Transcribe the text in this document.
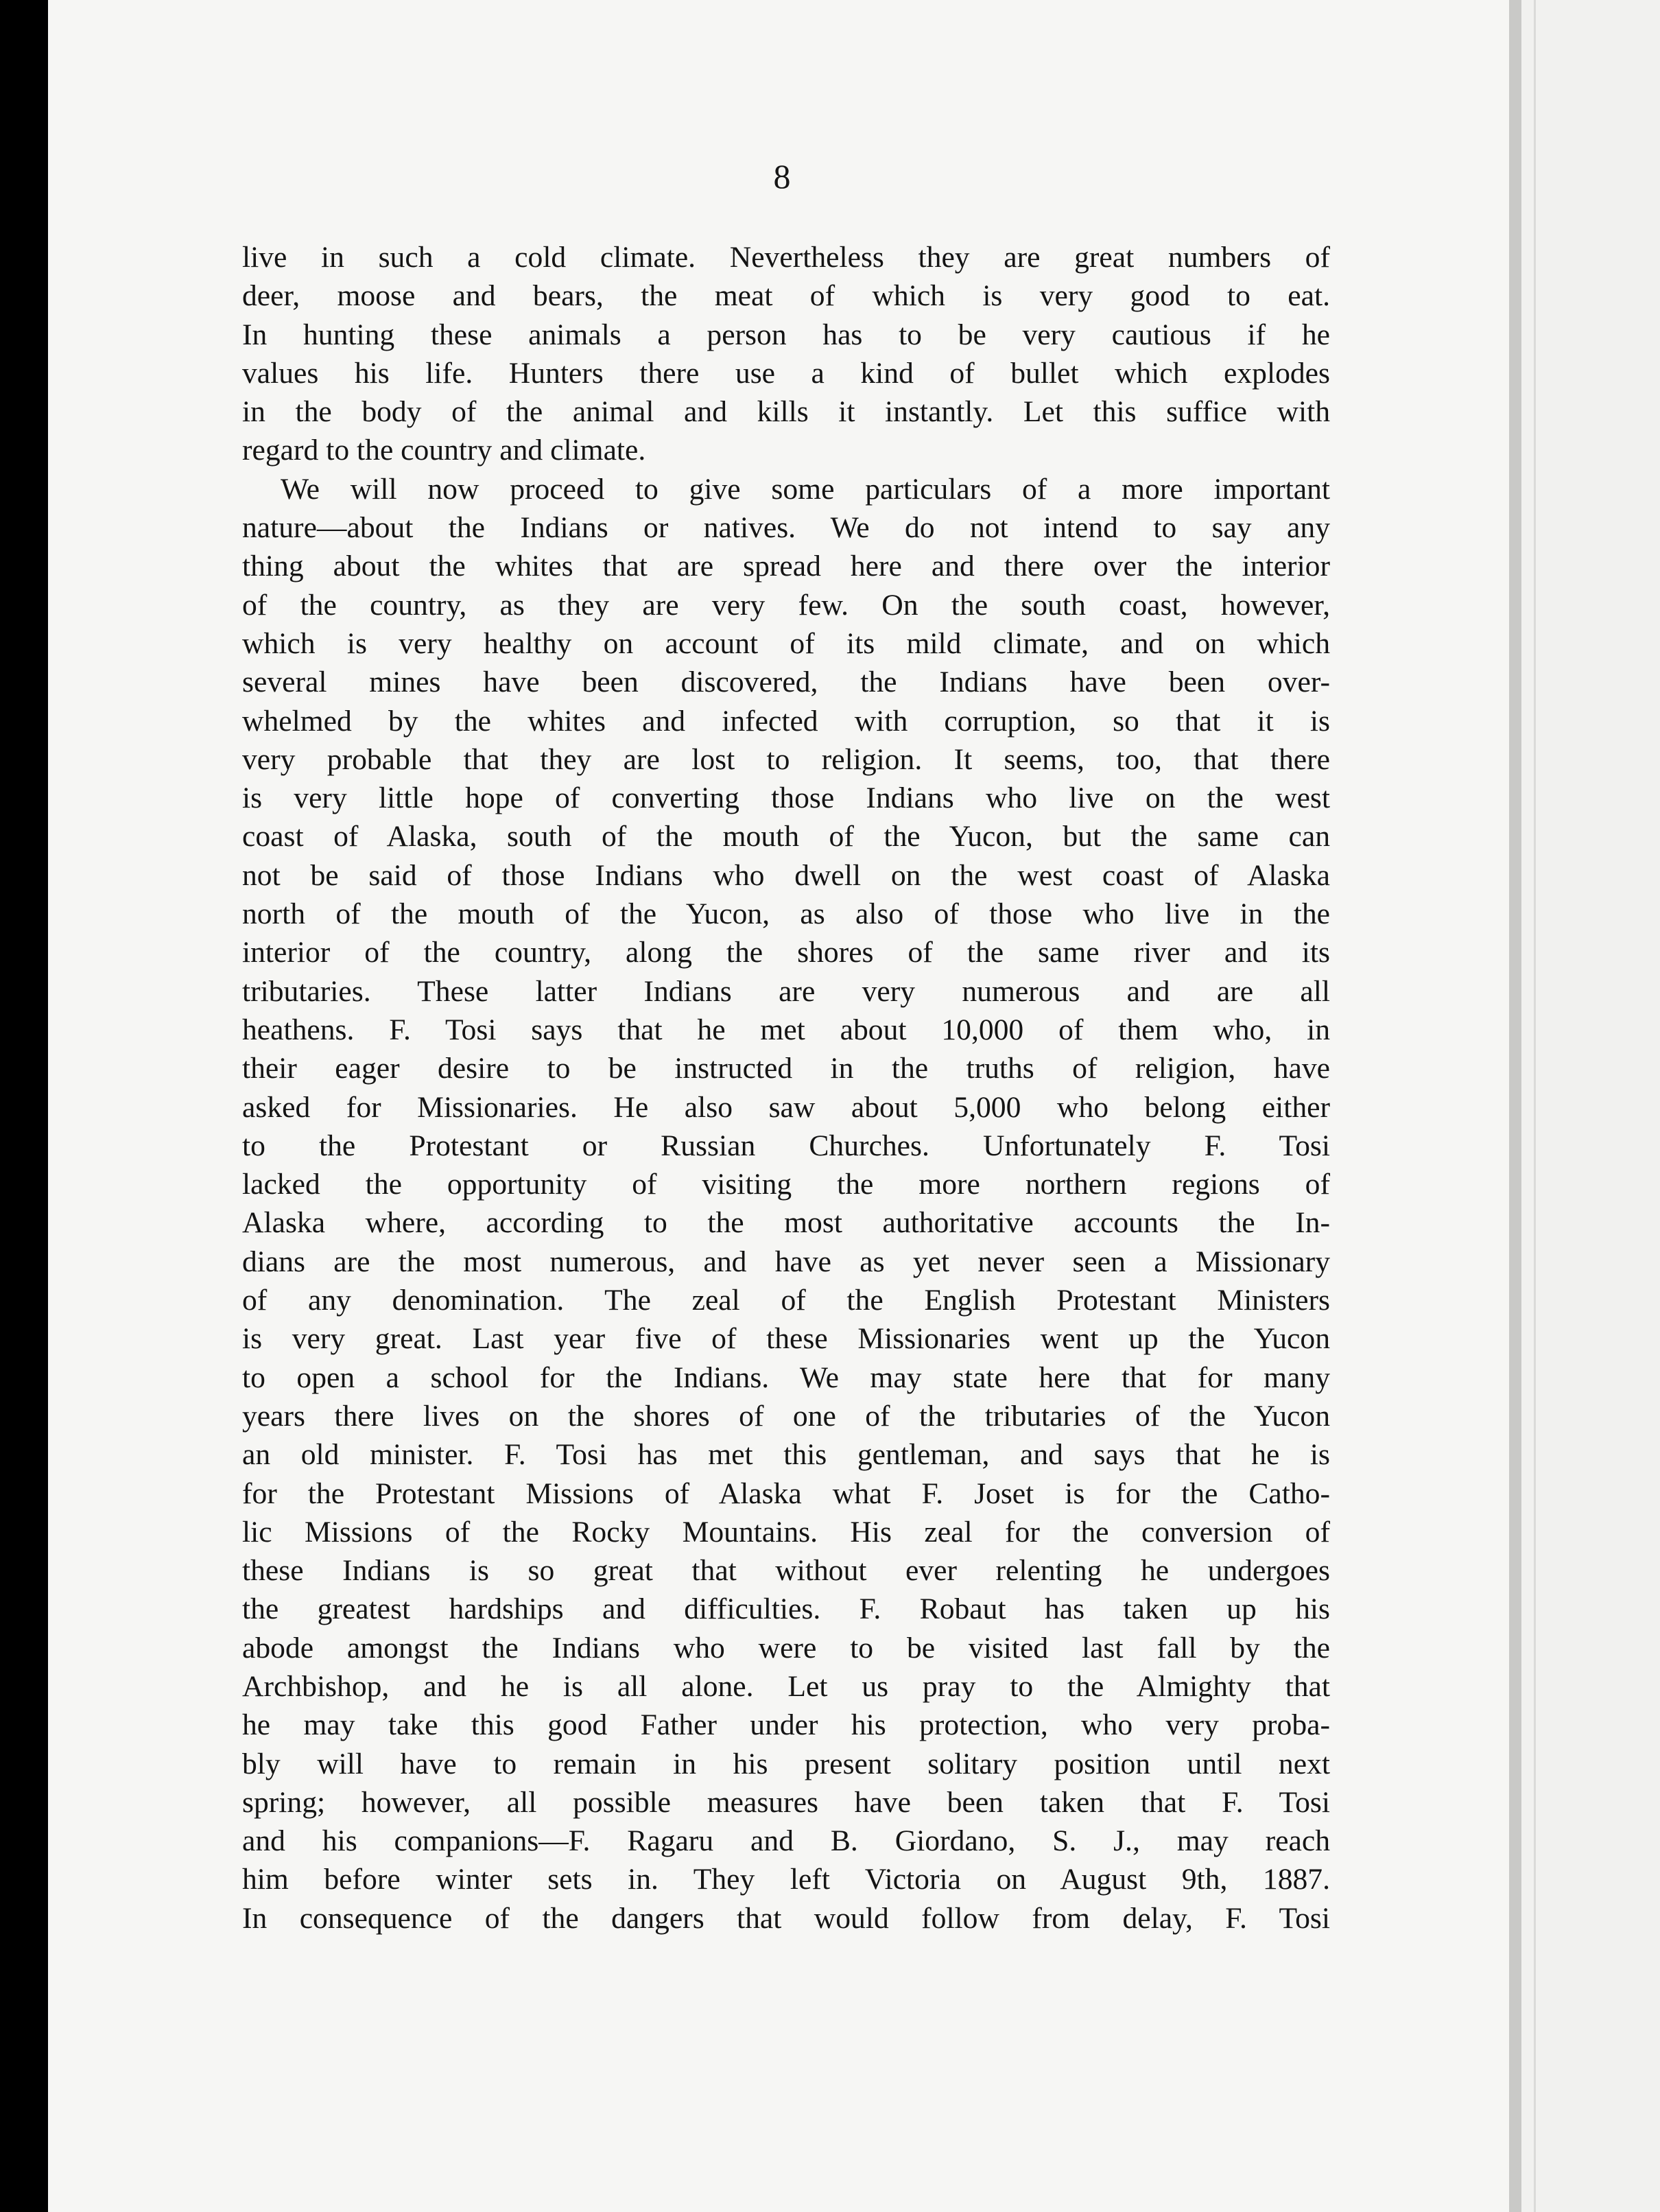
8
live in such a cold climate. Nevertheless they are great numbers of
deer, moose and bears, the meat of which is very good to eat.
In hunting these animals a person has to be very cautious if he
values his life. Hunters there use a kind of bullet which explodes
in the body of the animal and kills it instantly. Let this suffice with
regard to the country and climate.
We will now proceed to give some particulars of a more important
nature—about the Indians or natives. We do not intend to say any
thing about the whites that are spread here and there over the interior
of the country, as they are very few. On the south coast, however,
which is very healthy on account of its mild climate, and on which
several mines have been discovered, the Indians have been over-
whelmed by the whites and infected with corruption, so that it is
very probable that they are lost to religion. It seems, too, that there
is very little hope of converting those Indians who live on the west
coast of Alaska, south of the mouth of the Yucon, but the same can
not be said of those Indians who dwell on the west coast of Alaska
north of the mouth of the Yucon, as also of those who live in the
interior of the country, along the shores of the same river and its
tributaries. These latter Indians are very numerous and are all
heathens. F. Tosi says that he met about 10,000 of them who, in
their eager desire to be instructed in the truths of religion, have
asked for Missionaries. He also saw about 5,000 who belong either
to the Protestant or Russian Churches. Unfortunately F. Tosi
lacked the opportunity of visiting the more northern regions of
Alaska where, according to the most authoritative accounts the In-
dians are the most numerous, and have as yet never seen a Missionary
of any denomination. The zeal of the English Protestant Ministers
is very great. Last year five of these Missionaries went up the Yucon
to open a school for the Indians. We may state here that for many
years there lives on the shores of one of the tributaries of the Yucon
an old minister. F. Tosi has met this gentleman, and says that he is
for the Protestant Missions of Alaska what F. Joset is for the Catho-
lic Missions of the Rocky Mountains. His zeal for the conversion of
these Indians is so great that without ever relenting he undergoes
the greatest hardships and difficulties. F. Robaut has taken up his
abode amongst the Indians who were to be visited last fall by the
Archbishop, and he is all alone. Let us pray to the Almighty that
he may take this good Father under his protection, who very proba-
bly will have to remain in his present solitary position until next
spring; however, all possible measures have been taken that F. Tosi
and his companions—F. Ragaru and B. Giordano, S. J., may reach
him before winter sets in. They left Victoria on August 9th, 1887.
In consequence of the dangers that would follow from delay, F. Tosi
